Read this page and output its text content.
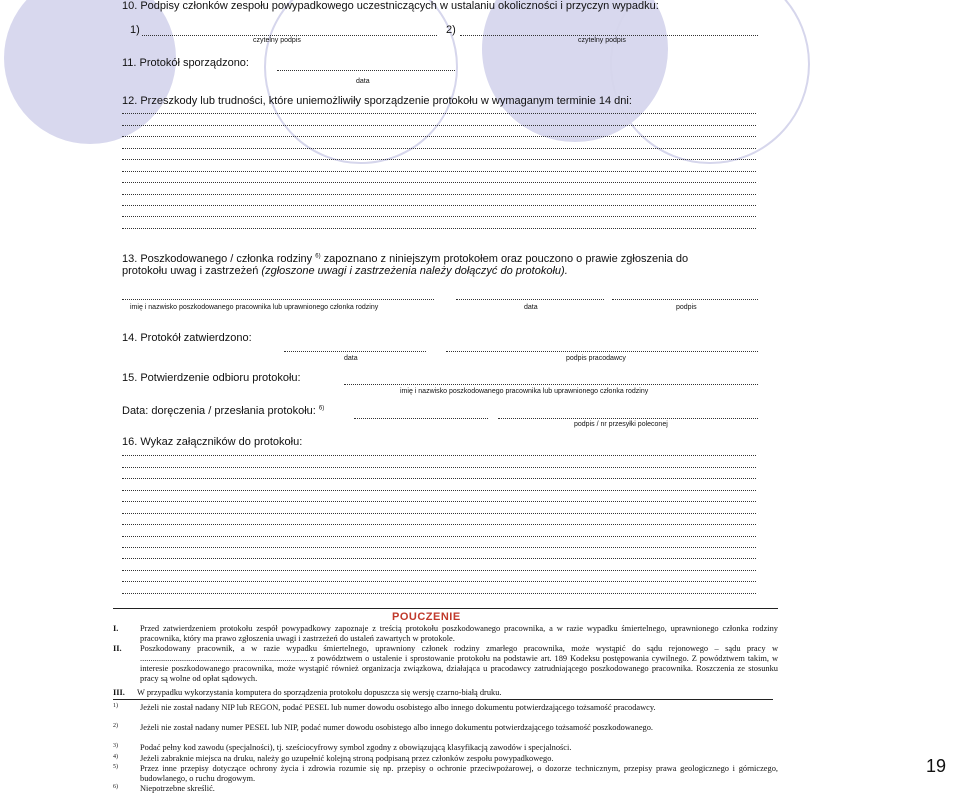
10. Podpisy członków zespołu powypadkowego uczestniczących w ustalaniu okoliczności i przyczyn wypadku:
1)	2)
czytelny podpis	czytelny podpis
11. Protokół sporządzono:
data
12. Przeszkody lub trudności, które uniemożliwiły sporządzenie protokołu w wymaganym terminie 14 dni:
13. Poszkodowanego / członka rodziny $^{6)}$ zapoznano z niniejszym protokołem oraz pouczono o prawie zgłoszenia do
protokołu uwag i zastrzeżeń (zgłoszone uwagi i zastrzeżenia należy dołączyć do protokołu).
imię i nazwisko poszkodowanego pracownika lub uprawnionego członka rodziny	data	podpis
14. Protokół zatwierdzono:
data	podpis pracodawcy
15. Potwierdzenie odbioru protokołu:
imię i nazwisko poszkodowanego pracownika lub uprawnionego członka rodziny
Data: doręczenia / przesłania protokołu: $^{6)}$
podpis / nr przesyłki poleconej
16. Wykaz załączników do protokołu:
POUCZENIE
I.	Przed zatwierdzeniem protokołu zespół powypadkowy zapoznaje z treścią protokołu poszkodowanego pracownika, a w razie wypadku śmiertelnego, uprawnionego członka rodziny pracownika, który ma prawo zgłoszenia uwagi i zastrzeżeń do ustaleń zawartych w protokole.
II. Poszkodowany pracownik, a w razie wypadku śmiertelnego, uprawniony członek rodziny zmarłego pracownika, może wystąpić do sądu rejonowego – sądu pracy w ................................................................................ z powództwem o ustalenie i sprostowanie protokołu na podstawie art. 189 Kodeksu postępowania cywilnego. Z powództwem takim, w interesie poszkodowanego pracownika, może wystąpić również organizacja związkowa, działająca u pracodawcy zatrudniającego poszkodowanego pracownika. Roszczenia ze stosunku pracy są wolne od opłat sądowych.
III. W przypadku wykorzystania komputera do sporządzenia protokołu dopuszcza się wersję czarno-białą druku.
1)	Jeżeli nie został nadany NIP lub REGON, podać PESEL lub numer dowodu osobistego albo innego dokumentu potwierdzającego tożsamość pracodawcy.
2)	Jeżeli nie został nadany numer PESEL lub NIP, podać numer dowodu osobistego albo innego dokumentu potwierdzającego tożsamość poszkodowanego.
3)	Podać pełny kod zawodu (specjalności), tj. sześciocyfrowy symbol zgodny z obowiązującą klasyfikacją zawodów i specjalności.
4)	Jeżeli zabraknie miejsca na druku, należy go uzupełnić kolejną stroną podpisaną przez członków zespołu powypadkowego.
5)	Przez inne przepisy dotyczące ochrony życia i zdrowia rozumie się np. przepisy o ochronie przeciwpożarowej, o dozorze technicznym, przepisy prawa geologicznego i górniczego, budowlanego, o ruchu drogowym.
6)	Niepotrzebne skreślić.
19
